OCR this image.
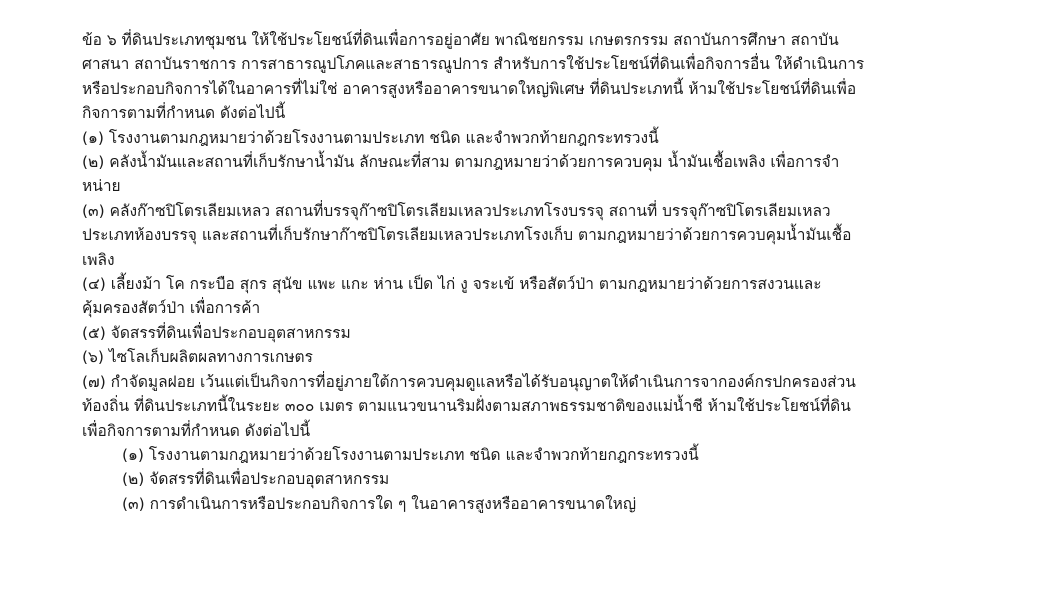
ข้อ ๖ ที่ดินประเภทชุมชน ให้ใช้ประโยชน์ที่ดินเพื่อการอยู่อาศัย พาณิชยกรรม เกษตรกรรม สถาบันการศึกษา สถาบัน
ศาสนา สถาบันราชการ การสาธารณูปโภคและสาธารณูปการ สำหรับการใช้ประโยชน์ที่ดินเพื่อกิจการอื่น ให้ดำเนินการ
หรือประกอบกิจการได้ในอาคารที่ไม่ใช่ อาคารสูงหรืออาคารขนาดใหญ่พิเศษ ที่ดินประเภทนี้ ห้ามใช้ประโยชน์ที่ดินเพื่อ
กิจการตามที่กำหนด ดังต่อไปนี้
(๑) โรงงานตามกฎหมายว่าด้วยโรงงานตามประเภท ชนิด และจำพวกท้ายกฎกระทรวงนี้
(๒) คลังน้ำมันและสถานที่เก็บรักษาน้ำมัน ลักษณะที่สาม ตามกฎหมายว่าด้วยการควบคุม น้ำมันเชื้อเพลิง เพื่อการจำ
หน่าย
(๓) คลังก๊าซปิโตรเลียมเหลว สถานที่บรรจุก๊าซปิโตรเลียมเหลวประเภทโรงบรรจุ สถานที่ บรรจุก๊าซปิโตรเลียมเหลว
ประเภทห้องบรรจุ และสถานที่เก็บรักษาก๊าซปิโตรเลียมเหลวประเภทโรงเก็บ ตามกฎหมายว่าด้วยการควบคุมน้ำมันเชื้อ
เพลิง
(๔) เลี้ยงม้า โค กระบือ สุกร สุนัข แพะ แกะ ห่าน เป็ด ไก่ งู จระเข้ หรือสัตว์ป่า ตามกฎหมายว่าด้วยการสงวนและ
คุ้มครองสัตว์ป่า เพื่อการค้า
(๕) จัดสรรที่ดินเพื่อประกอบอุตสาหกรรม
(๖) ไซโลเก็บผลิตผลทางการเกษตร
(๗) กำจัดมูลฝอย เว้นแต่เป็นกิจการที่อยู่ภายใต้การควบคุมดูแลหรือได้รับอนุญาตให้ดำเนินการจากองค์กรปกครองส่วน
ท้องถิ่น ที่ดินประเภทนี้ในระยะ ๓๐๐ เมตร ตามแนวขนานริมฝั่งตามสภาพธรรมชาติของแม่น้ำชี ห้ามใช้ประโยชน์ที่ดิน
เพื่อกิจการตามที่กำหนด ดังต่อไปนี้
(๑) โรงงานตามกฎหมายว่าด้วยโรงงานตามประเภท ชนิด และจำพวกท้ายกฎกระทรวงนี้
(๒) จัดสรรที่ดินเพื่อประกอบอุตสาหกรรม
(๓) การดำเนินการหรือประกอบกิจการใด ๆ ในอาคารสูงหรืออาคารขนาดใหญ่
